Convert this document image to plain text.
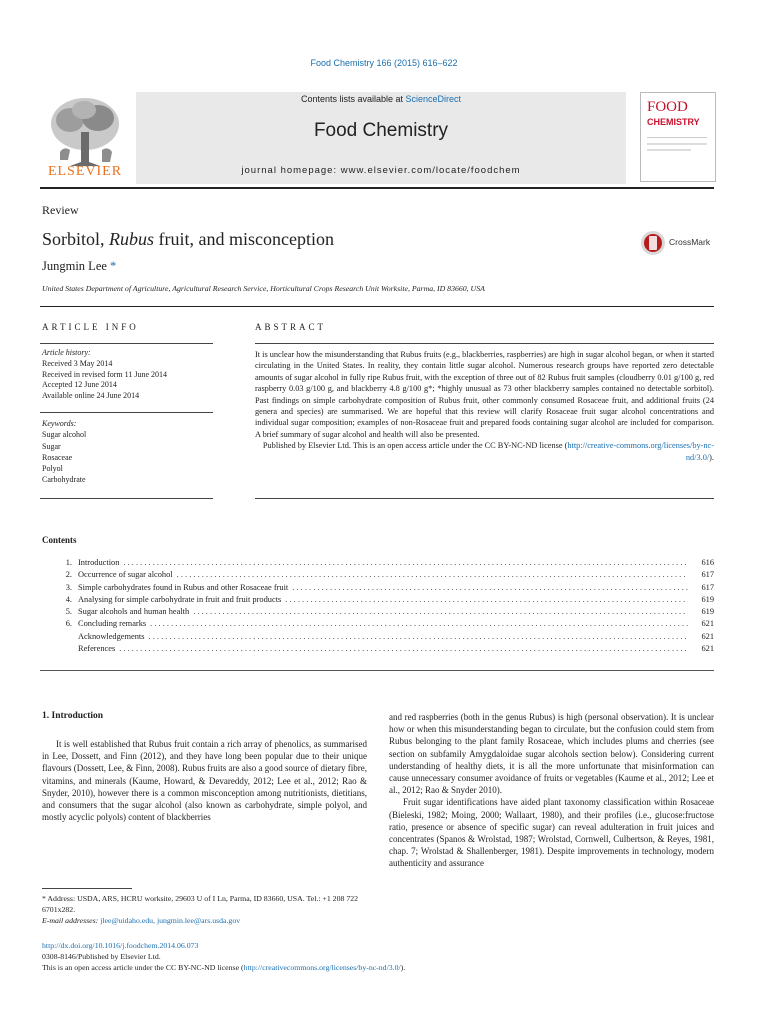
Food Chemistry 166 (2015) 616–622
Contents lists available at ScienceDirect
Food Chemistry
journal homepage: www.elsevier.com/locate/foodchem
ELSEVIER
FOOD
CHEMISTRY
Review
Sorbitol, Rubus fruit, and misconception	CrossMark
Jungmin Lee *
United States Department of Agriculture, Agricultural Research Service, Horticultural Crops Research Unit Worksite, Parma, ID 83660, USA
ARTICLE INFO	ABSTRACT
Article history:
Received 3 May 2014
Received in revised form 11 June 2014
Accepted 12 June 2014
Available online 24 June 2014
Keywords:
Sugar alcohol
Sugar
Rosaceae
Polyol
Carbohydrate

It is unclear how the misunderstanding that Rubus fruits (e.g., blackberries, raspberries) are high in sugar alcohol began, or when it started circulating in the United States. In reality, they contain little sugar alcohol. Numerous research groups have reported zero detectable amounts of sugar alcohol in fully ripe Rubus fruit, with the exception of three out of 82 Rubus fruit samples (cloudberry 0.01 g/100 g, red raspberry 0.03 g/100 g, and blackberry 4.8 g/100 g*; *highly unusual as 73 other blackberry samples contained no detectable sorbitol). Past findings on simple carbohydrate composition of Rubus fruit, other commonly consumed Rosaceae fruit, and additional fruits (24 genera and species) are summarised. We are hopeful that this review will clarify Rosaceae fruit sugar alcohol concentrations and individual sugar composition; examples of non-Rosaceae fruit and prepared foods containing sugar alcohol are included for comparison. A brief summary of sugar alcohol and health will also be presented.

Published by Elsevier Ltd. This is an open access article under the CC BY-NC-ND license (http://creative-commons.org/licenses/by-nc-nd/3.0/).

Contents
1. Introduction . . .	616
2. Occurrence of sugar alcohol . . .	617
3. Simple carbohydrates found in Rubus and other Rosaceae fruit . . .	617
4. Analysing for simple carbohydrate in fruit and fruit products . . .	619
5. Sugar alcohols and human health . . .	619
6. Concluding remarks . . .	621
Acknowledgements . . .	621
References . . .	621
1. Introduction
It is well established that Rubus fruit contain a rich array of phenolics, as summarised in Lee, Dossett, and Finn (2012), and they have long been popular due to their unique flavours (Dossett, Lee, & Finn, 2008). Rubus fruits are also a good source of dietary fibre, vitamins, and minerals (Kaume, Howard, & Devareddy, 2012; Lee et al., 2012; Rao & Snyder, 2010), however there is a common misconception among nutritionists, dietitians, and consumers that the sugar alcohol (also known as carbohydrate, simple polyol, and mostly acyclic polyols) content of blackberries

and red raspberries (both in the genus Rubus) is high (personal observation). It is unclear how or when this misunderstanding began to circulate, but the confusion could stem from Rubus belonging to the plant family Rosaceae, which includes plums and cherries (see section on subfamily Amygdaloidae sugar alcohols section below). Considering current understanding of healthy diets, it is all the more unfortunate that misinformation can cause unnecessary consumer avoidance of fruits or vegetables (Kaume et al., 2012; Lee et al., 2012; Rao & Snyder 2010).

Fruit sugar identifications have aided plant taxonomy classification within Rosaceae (Bieleski, 1982; Moing, 2000; Wallaart, 1980), and their profiles (i.e., glucose:fructose ratio, presence or absence of specific sugar) can reveal adulteration in fruit juices and concentrates (Spanos & Wrolstad, 1987; Wrolstad, Cornwell, Culbertson, & Reyes, 1981, chap. 7; Wrolstad & Shallenberger, 1981). Despite improvements in technology, modern authenticity and assurance

* Address: USDA, ARS, HCRU worksite, 29603 U of I Ln, Parma, ID 83660, USA. Tel.: +1 208 722 6701x282.
E-mail addresses: jlee@uidaho.edu, jungmin.lee@ars.usda.gov
http://dx.doi.org/10.1016/j.foodchem.2014.06.073
0308-8146/Published by Elsevier Ltd.
This is an open access article under the CC BY-NC-ND license (http://creativecommons.org/licenses/by-nc-nd/3.0/).
